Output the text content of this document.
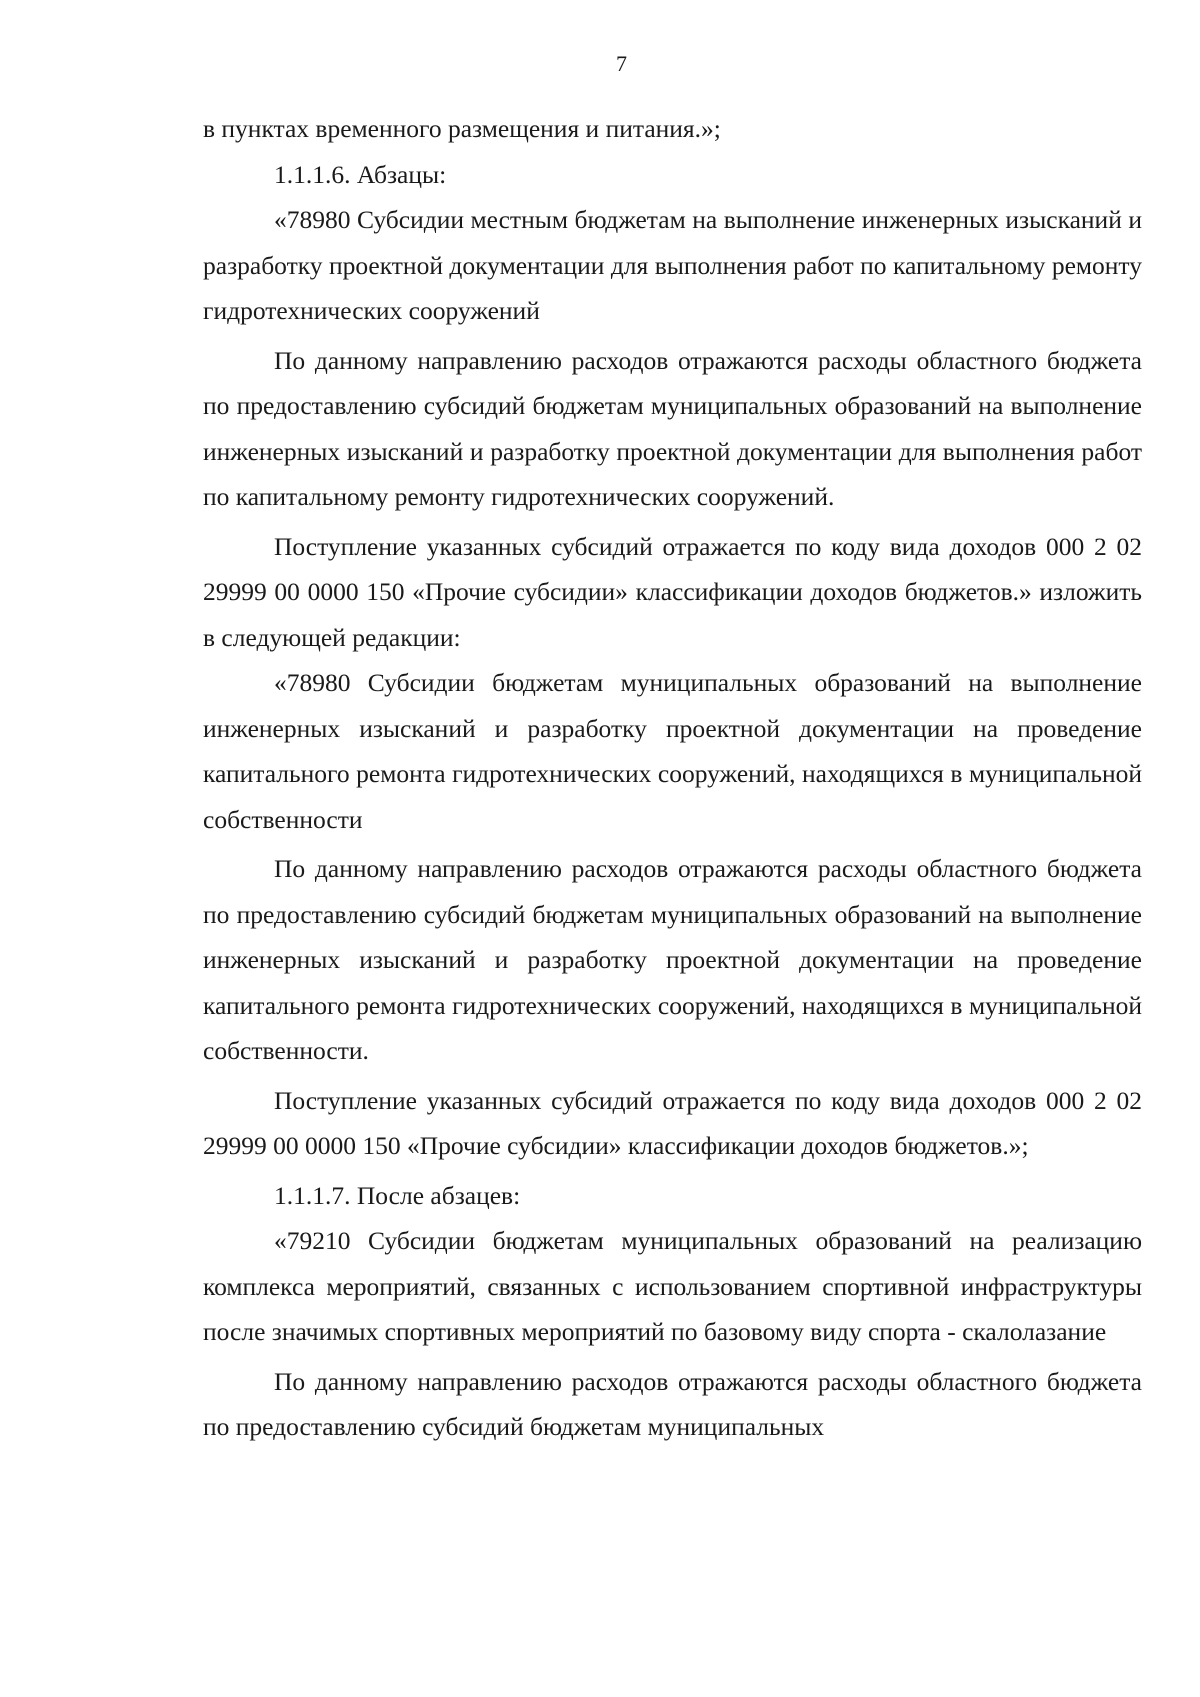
7

в пунктах временного размещения и питания.»;

1.1.1.6. Абзацы:

«78980 Субсидии местным бюджетам на выполнение инженерных изысканий и разработку проектной документации для выполнения работ по капитальному ремонту гидротехнических сооружений

По данному направлению расходов отражаются расходы областного бюджета по предоставлению субсидий бюджетам муниципальных образований на выполнение инженерных изысканий и разработку проектной документации для выполнения работ по капитальному ремонту гидротехнических сооружений.

Поступление указанных субсидий отражается по коду вида доходов 000 2 02 29999 00 0000 150 «Прочие субсидии» классификации доходов бюджетов.» изложить в следующей редакции:

«78980 Субсидии бюджетам муниципальных образований на выполнение инженерных изысканий и разработку проектной документации на проведение капитального ремонта гидротехнических сооружений, находящихся в муниципальной собственности

По данному направлению расходов отражаются расходы областного бюджета по предоставлению субсидий бюджетам муниципальных образований на выполнение инженерных изысканий и разработку проектной документации на проведение капитального ремонта гидротехнических сооружений, находящихся в муниципальной собственности.

Поступление указанных субсидий отражается по коду вида доходов 000 2 02 29999 00 0000 150 «Прочие субсидии» классификации доходов бюджетов.»;

1.1.1.7. После абзацев:

«79210 Субсидии бюджетам муниципальных образований на реализацию комплекса мероприятий, связанных с использованием спортивной инфраструктуры после значимых спортивных мероприятий по базовому виду спорта - скалолазание

По данному направлению расходов отражаются расходы областного бюджета по предоставлению субсидий бюджетам муниципальных
